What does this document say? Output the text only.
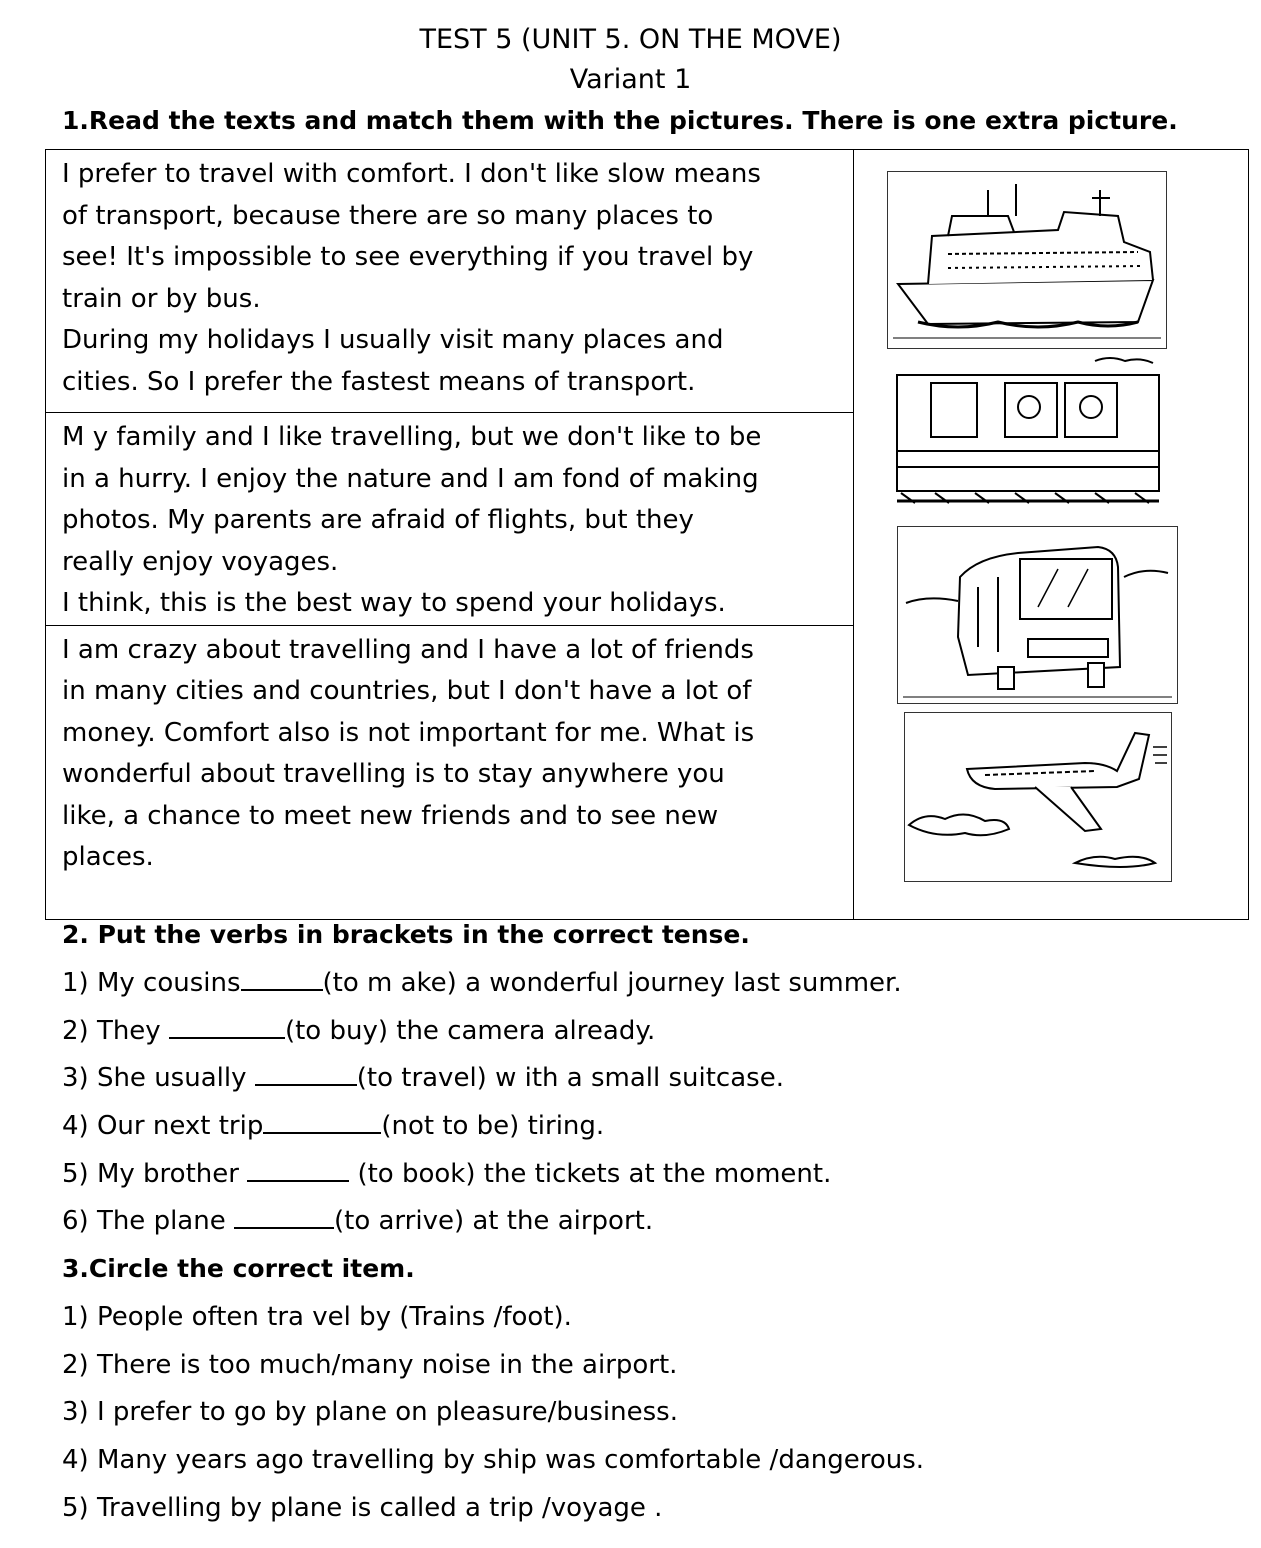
TEST 5 (UNIT 5. ON THE MOVE)
Variant 1
1.Read the texts and match them with the pictures. There is one extra picture.
I prefer to travel with comfort. I don't like slow means
of transport, because there are so many places to
see! It's impossible to see everything if you travel by
train or by bus.
During my holidays I usually visit many places and
cities. So I prefer the fastest means of transport.

M y family and I like travelling, but we don't like to be
in a hurry. I enjoy the nature and I am fond of making
photos. My parents are afraid of flights, but they
really enjoy voyages.
I think, this is the best way to spend your holidays.

I am crazy about travelling and I have a lot of friends
in many cities and countries, but I don't have a lot of
money. Comfort also is not important for me. What is
wonderful about travelling is to stay anywhere you
like, a chance to meet new friends and to see new
places.
2. Put the verbs in brackets in the correct tense.
1) My cousins	(to m ake) a wonderful journey last summer.
2) They	(to buy) the camera already.
3) She usually	(to travel) w ith a small suitcase.
4) Our next trip	(not to be) tiring.
5) My brother	(to book) the tickets at the moment.
6) The plane	(to arrive) at the airport.
3.Circle the correct item.
1) People often tra vel by (Trains /foot).
2) There is too much/many noise in the airport.
3) I prefer to go by plane on pleasure/business.
4) Many years ago travelling by ship was comfortable /dangerous.
5) Travelling by plane is called a trip /voyage .
